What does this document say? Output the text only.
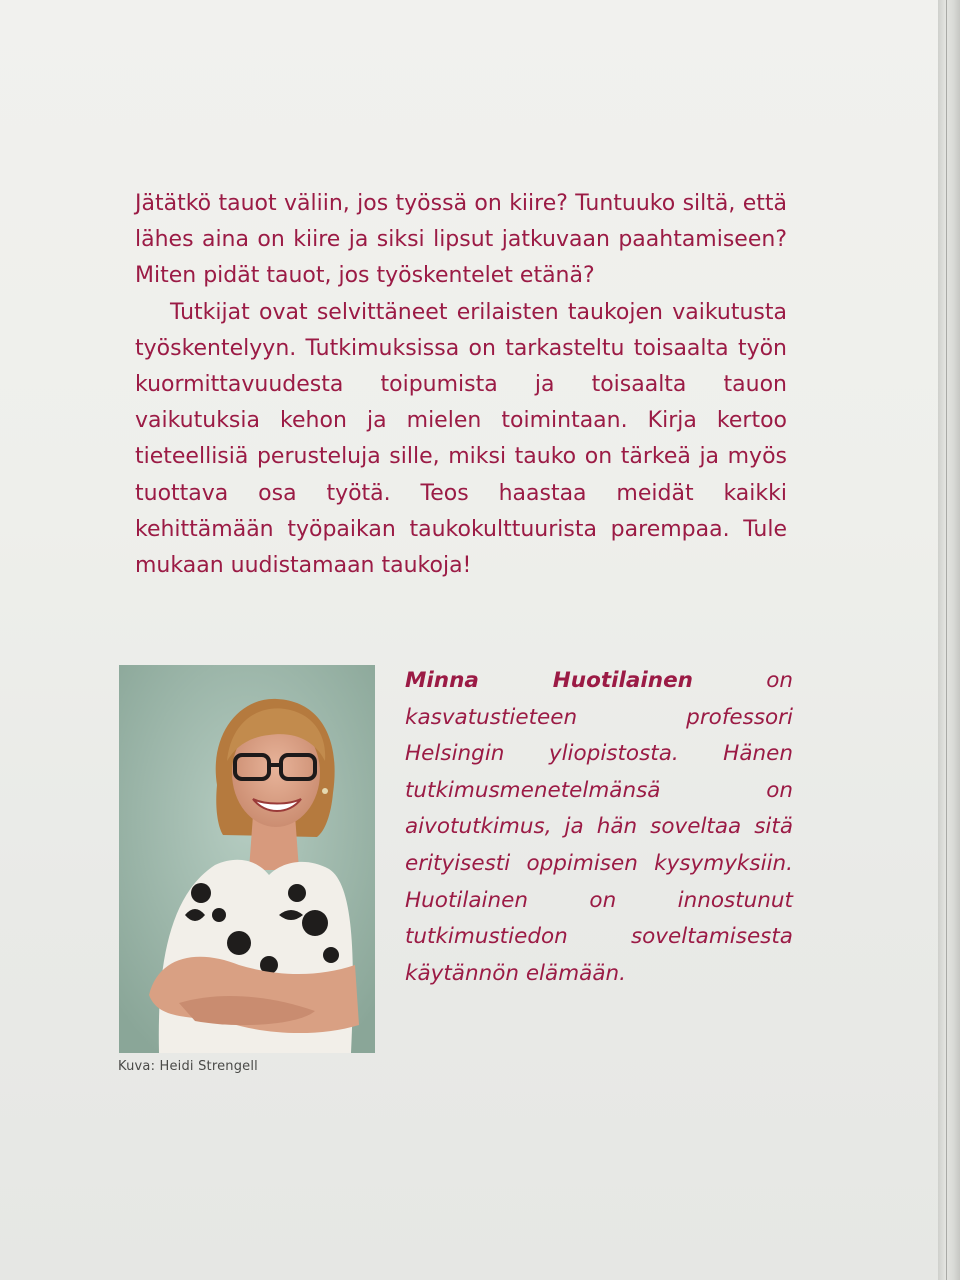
Jätätkö tauot väliin, jos työssä on kiire? Tuntuuko siltä, että lähes aina on kiire ja siksi lipsut jatkuvaan paahtamiseen? Miten pidät tauot, jos työskentelet etänä?

Tutkijat ovat selvittäneet erilaisten taukojen vaikutusta työskentelyyn. Tutkimuksissa on tarkasteltu toisaalta työn kuormittavuudesta toipumista ja toisaalta tauon vaikutuksia kehon ja mielen toimintaan. Kirja kertoo tieteellisiä perusteluja sille, miksi tauko on tärkeä ja myös tuottava osa työtä. Teos haastaa meidät kaikki kehittämään työpaikan taukokulttuurista parempaa. Tule mukaan uudistamaan taukoja!

Kuva: Heidi Strengell

Minna Huotilainen on kasvatustieteen professori Helsingin yliopistosta. Hänen tutkimusmenetelmänsä on aivotutkimus, ja hän soveltaa sitä erityisesti oppimisen kysymyksiin. Huotilainen on innostunut tutkimustiedon soveltamisesta käytännön elämään.
